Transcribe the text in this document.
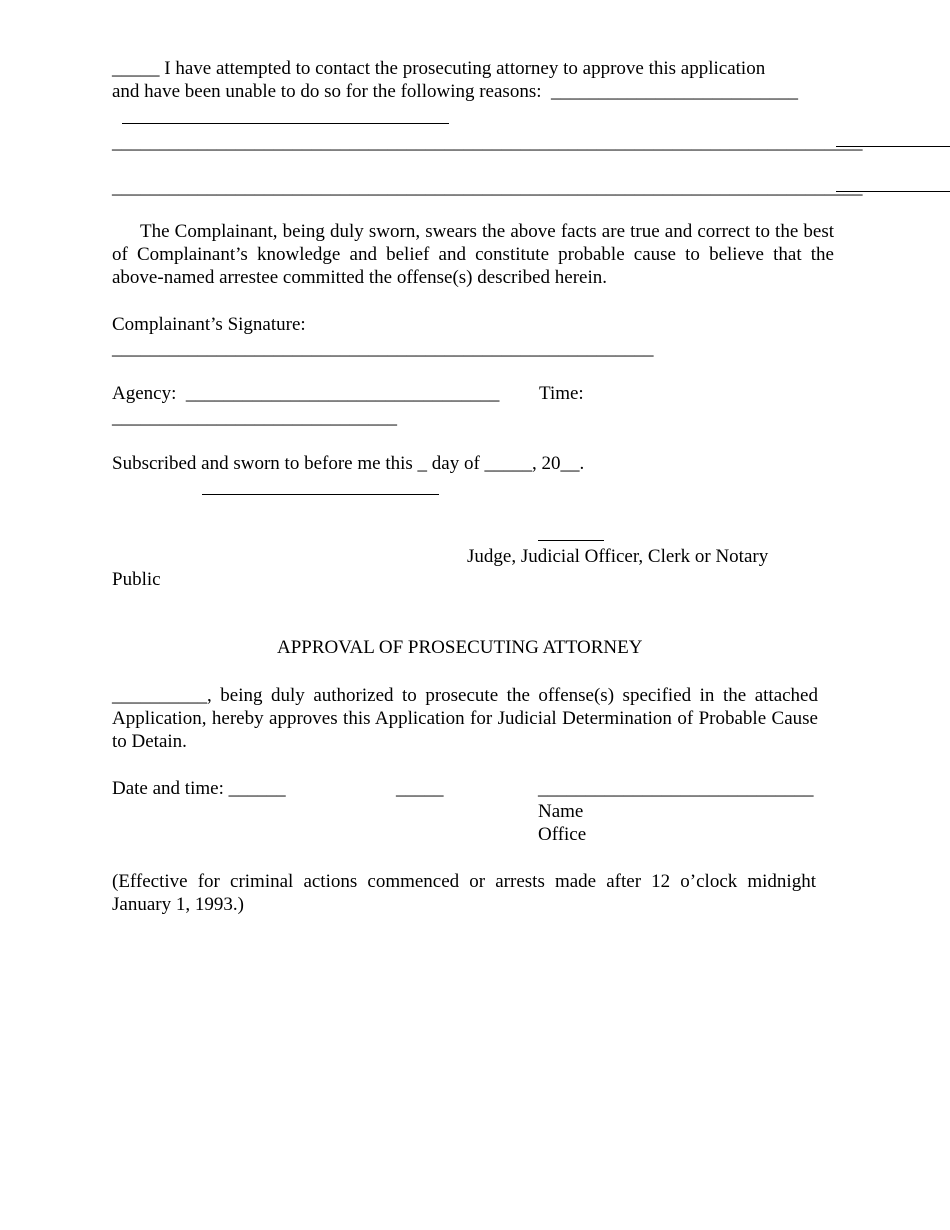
_____ I have attempted to contact the prosecuting attorney to approve this application
and have been unable to do so for the following reasons:  __________________________
_______________________________________________________________________________
_______________________________________________________________________________
The Complainant, being duly sworn, swears the above facts are true and correct to the best of Complainant’s knowledge and belief and constitute probable cause to believe that the above-named arrestee committed the offense(s) described herein.
Complainant’s Signature:
_________________________________________________________
Agency:  _________________________________ Time:
______________________________
Subscribed and sworn to before me this _ day of _____, 20__.
Judge, Judicial Officer, Clerk or Notary
Public
APPROVAL OF PROSECUTING ATTORNEY
__________, being duly authorized to prosecute the offense(s) specified in the attached Application, hereby approves this Application for Judicial Determination of Probable Cause to Detain.
Date and time: ______	_____	_____________________________
Name
Office
(Effective for criminal actions commenced or arrests made after 12 o’clock midnight January 1, 1993.)
